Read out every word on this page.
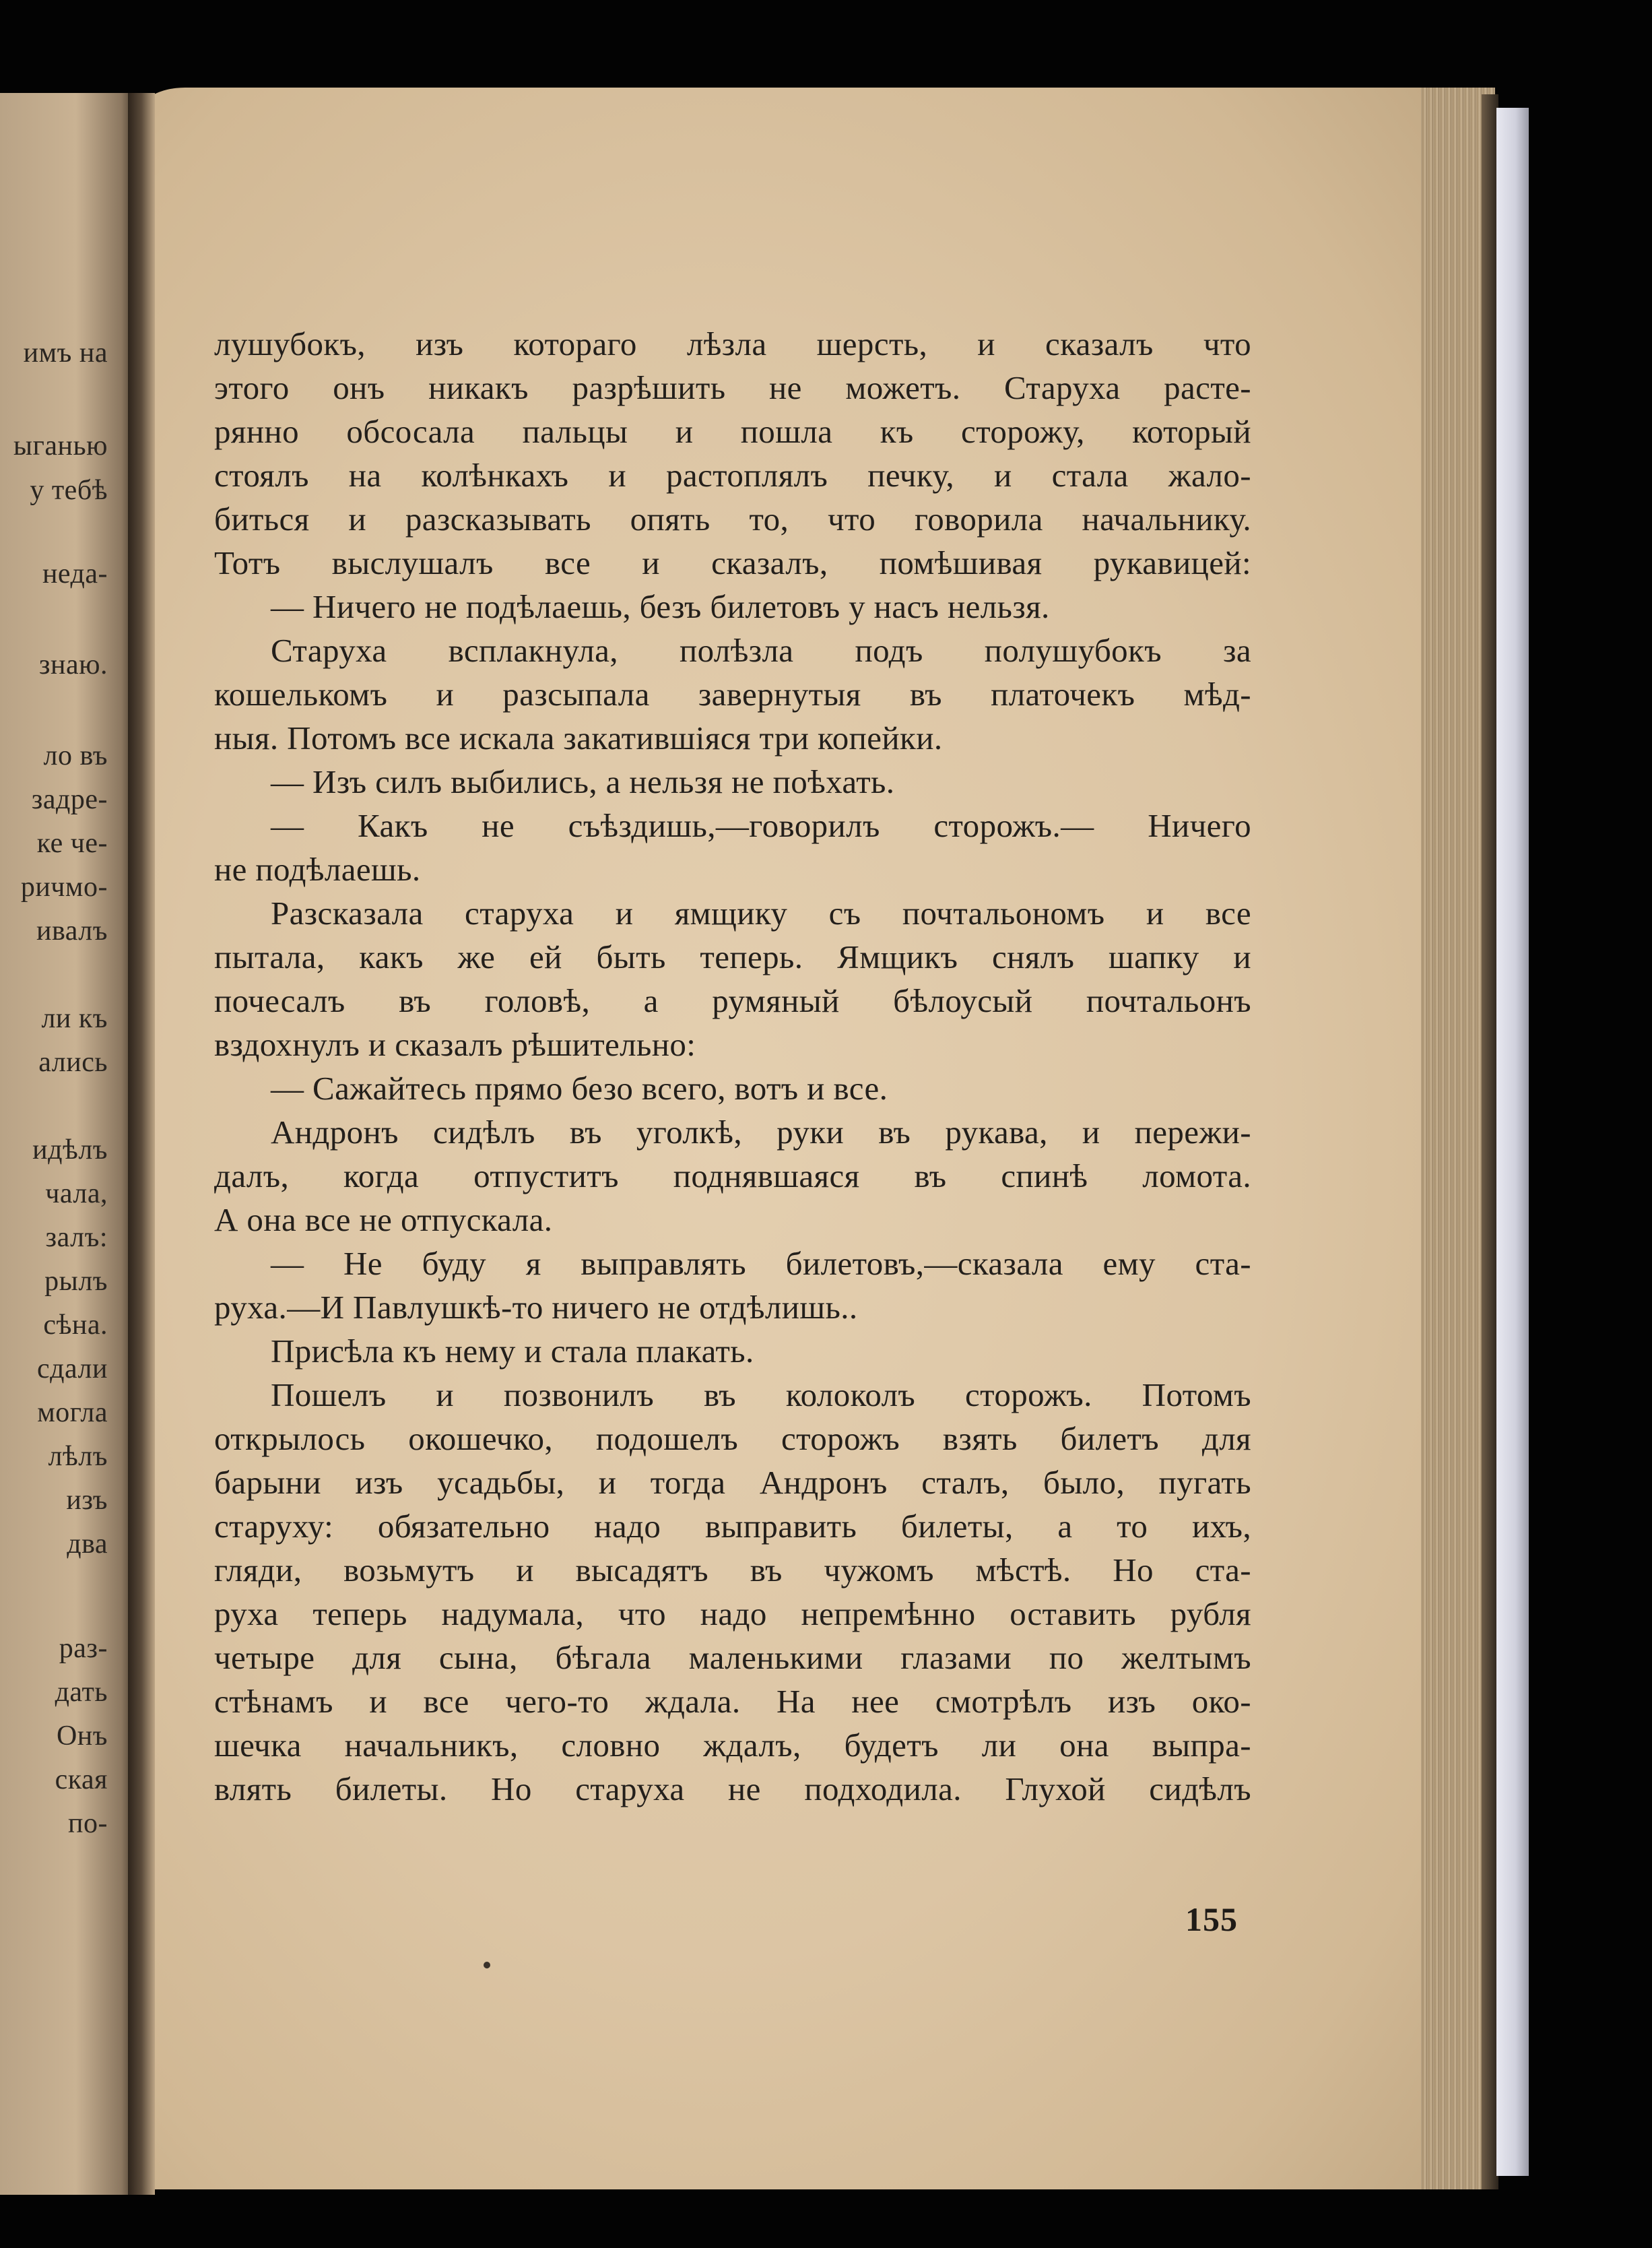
имъ на
ыганью
у тебѣ
неда-
знаю.
ло въ
задре-
ке че-
ричмо-
ивалъ
ли къ
ались
идѣлъ
чала,
залъ:
рылъ
сѣна.
сдали
могла
лѣлъ
изъ
два
раз-
дать
Онъ
ская
по-
лушубокъ, изъ котораго лѣзла шерсть, и сказалъ что
этого онъ никакъ разрѣшить не можетъ. Старуха расте-
рянно обсосала пальцы и пошла къ сторожу, который
стоялъ на колѣнкахъ и растоплялъ печку, и стала жало-
биться и разсказывать опять то, что говорила начальнику.
Тотъ выслушалъ все и сказалъ, помѣшивая рукавицей:
— Ничего не подѣлаешь, безъ билетовъ у насъ нельзя.
Старуха всплакнула, полѣзла подъ полушубокъ за
кошелькомъ и разсыпала завернутыя въ платочекъ мѣд-
ныя. Потомъ все искала закатившіяся три копейки.
— Изъ силъ выбились, а нельзя не поѣхать.
— Какъ не съѣздишь,—говорилъ сторожъ.— Ничего
не подѣлаешь.
Разсказала старуха и ямщику съ почтальономъ и все
пытала, какъ же ей быть теперь. Ямщикъ снялъ шапку и
почесалъ въ головѣ, а румяный бѣлоусый почтальонъ
вздохнулъ и сказалъ рѣшительно:
— Сажайтесь прямо безо всего, вотъ и все.
Андронъ сидѣлъ въ уголкѣ, руки въ рукава, и пережи-
далъ, когда отпуститъ поднявшаяся въ спинѣ ломота.
А она все не отпускала.
— Не буду я выправлять билетовъ,—сказала ему ста-
руха.—И Павлушкѣ-то ничего не отдѣлишь..
Присѣла къ нему и стала плакать.
Пошелъ и позвонилъ въ колоколъ сторожъ. Потомъ
открылось окошечко, подошелъ сторожъ взять билетъ для
барыни изъ усадьбы, и тогда Андронъ сталъ, было, пугать
старуху: обязательно надо выправить билеты, а то ихъ,
гляди, возьмутъ и высадятъ въ чужомъ мѣстѣ. Но ста-
руха теперь надумала, что надо непремѣнно оставить рубля
четыре для сына, бѣгала маленькими глазами по желтымъ
стѣнамъ и все чего-то ждала. На нее смотрѣлъ изъ око-
шечка начальникъ, словно ждалъ, будетъ ли она выпра-
влять билеты. Но старуха не подходила. Глухой сидѣлъ
155
